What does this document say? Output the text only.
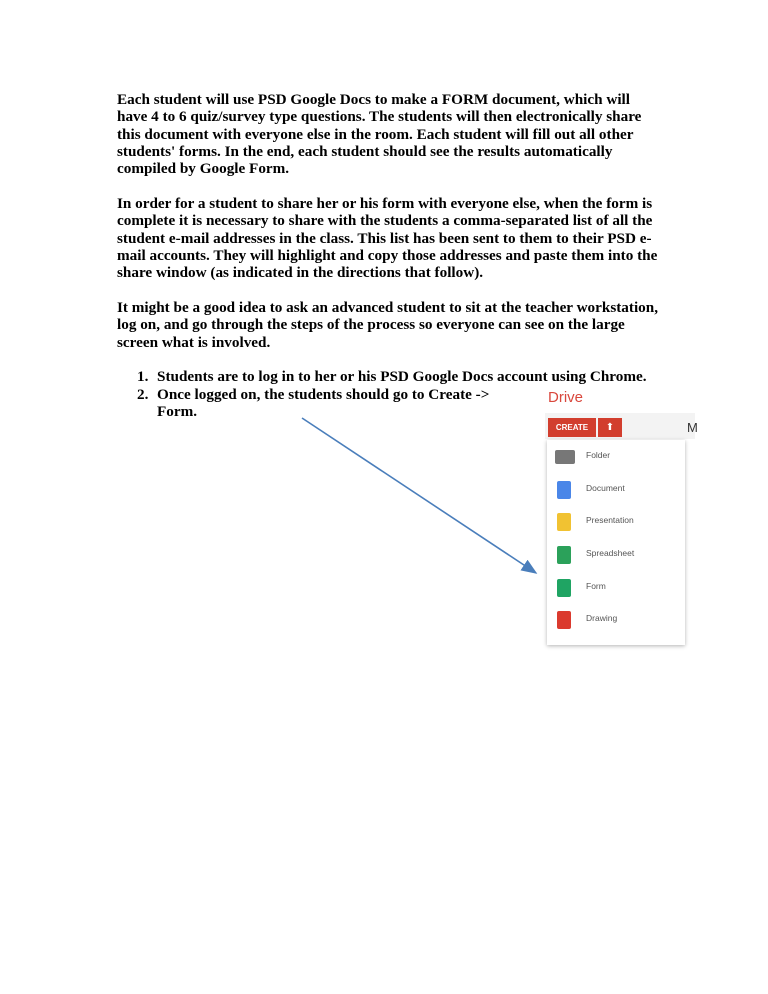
Each student will use PSD Google Docs to make a FORM document, which will
have 4 to 6 quiz/survey type questions. The students will then electronically share
this document with everyone else in the room. Each student will fill out all other
students' forms. In the end, each student should see the results automatically
compiled by Google Form.
In order for a student to share her or his form with everyone else, when the form is
complete it is necessary to share with the students a comma-separated list of all the
student e-mail addresses in the class. This list has been sent to them to their PSD e-
mail accounts. They will highlight and copy those addresses and paste them into the
share window (as indicated in the directions that follow).
It might be a good idea to ask an advanced student to sit at the teacher workstation,
log on, and go through the steps of the process so everyone can see on the large
screen what is involved.
1. Students are to log in to her or his PSD Google Docs account using Chrome.
2. Once logged on, the students should go to Create ->
Form.
Drive
CREATE	⬆	M
Folder
Document
Presentation
Spreadsheet
Form
Drawing
